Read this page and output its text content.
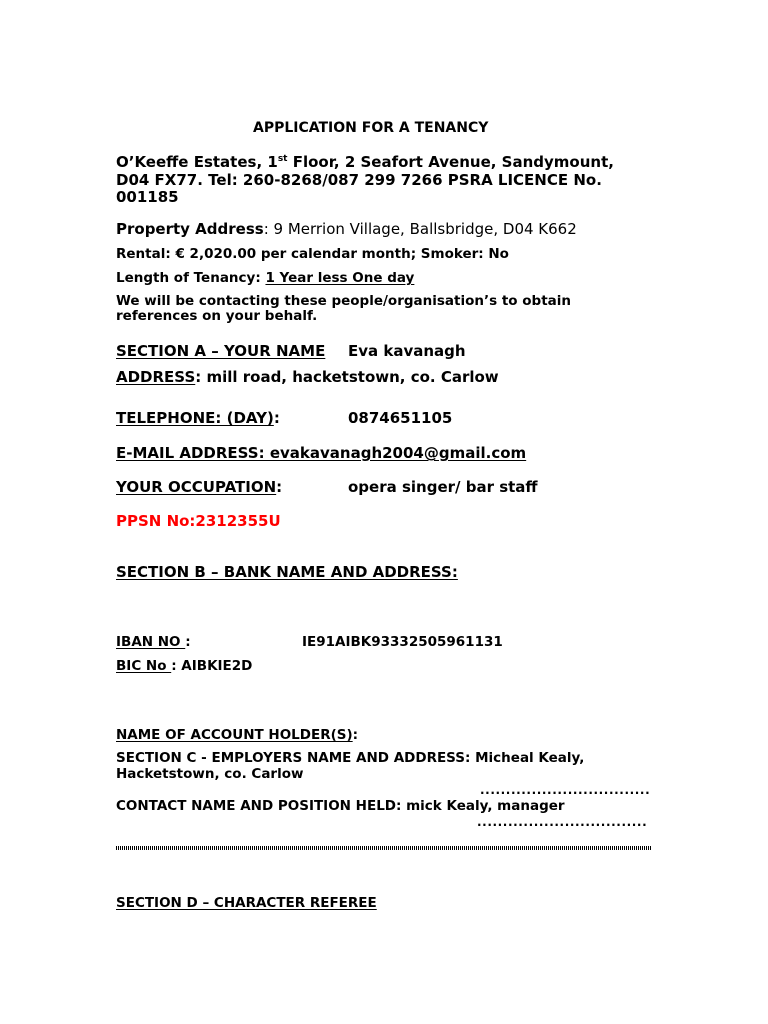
APPLICATION FOR A TENANCY
O’Keeffe Estates, 1st Floor, 2 Seafort Avenue, Sandymount,
D04 FX77. Tel: 260-8268/087 299 7266 PSRA LICENCE No.
001185
Property Address: 9 Merrion Village, Ballsbridge, D04 K662
Rental: € 2,020.00 per calendar month; Smoker: No
Length of Tenancy: 1 Year less One day
We will be contacting these people/organisation’s to obtain
references on your behalf.
SECTION A – YOUR NAME Eva kavanagh
ADDRESS: mill road, hacketstown, co. Carlow
TELEPHONE: (DAY):	0874651105
E-MAIL ADDRESS: evakavanagh2004@gmail.com
YOUR OCCUPATION:	opera singer/ bar staff
PPSN No:2312355U
SECTION B – BANK NAME AND ADDRESS:
IBAN NO :	IE91AIBK93332505961131
BIC No : AIBKIE2D
NAME OF ACCOUNT HOLDER(S):
SECTION C - EMPLOYERS NAME AND ADDRESS: Micheal Kealy,
Hacketstown, co. Carlow
.................................
CONTACT NAME AND POSITION HELD: mick Kealy, manager
.................................
SECTION D – CHARACTER REFEREE
